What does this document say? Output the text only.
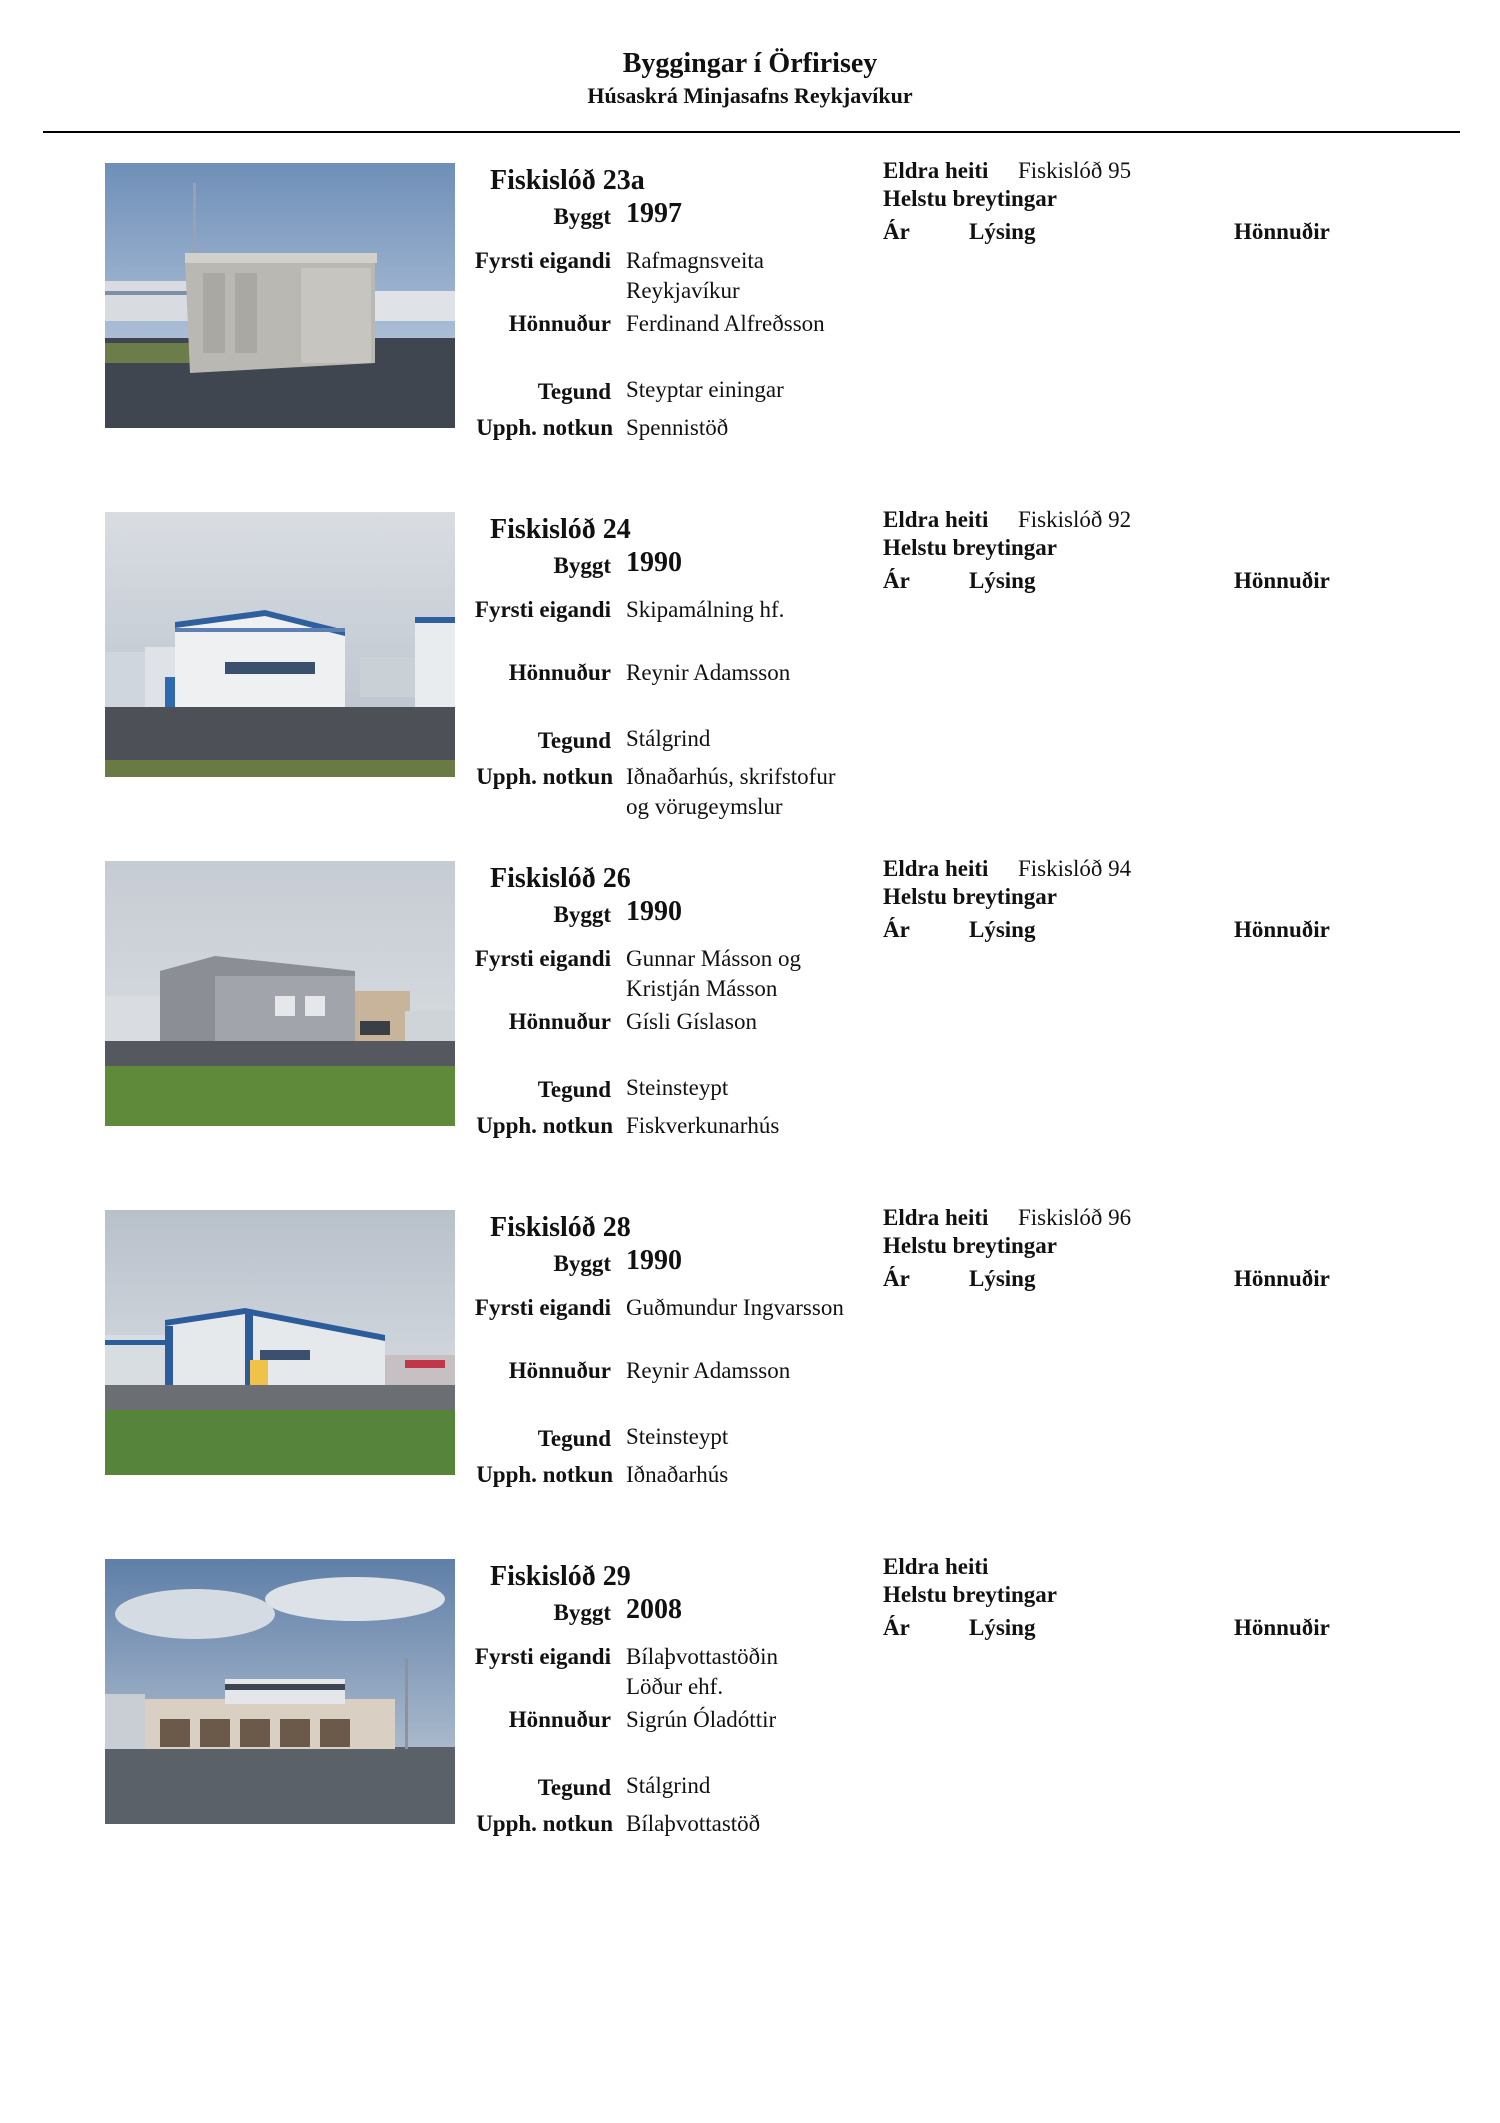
Byggingar í Örfirisey
Húsaskrá Minjasafns Reykjavíkur
Fiskislóð 23a
Byggt 1997
Fyrsti eigandi Rafmagnsveita
Reykjavíkur
Hönnuður Ferdinand Alfreðsson
Tegund Steyptar einingar
Upph. notkun Spennistöð
Eldra heiti Fiskislóð 95
Helstu breytingar
Ár	Lýsing	Hönnuðir
Fiskislóð 24
Byggt 1990
Fyrsti eigandi Skipamálning hf.
Hönnuður Reynir Adamsson
Tegund Stálgrind
Upph. notkun Iðnaðarhús, skrifstofur
og vörugeymslur
Eldra heiti Fiskislóð 92
Helstu breytingar
Ár	Lýsing	Hönnuðir
Fiskislóð 26
Byggt 1990
Fyrsti eigandi Gunnar Másson og
Kristján Másson
Hönnuður Gísli Gíslason
Tegund Steinsteypt
Upph. notkun Fiskverkunarhús
Eldra heiti Fiskislóð 94
Helstu breytingar
Ár	Lýsing	Hönnuðir
Fiskislóð 28
Byggt 1990
Fyrsti eigandi Guðmundur Ingvarsson
Hönnuður Reynir Adamsson
Tegund Steinsteypt
Upph. notkun Iðnaðarhús
Eldra heiti Fiskislóð 96
Helstu breytingar
Ár	Lýsing	Hönnuðir
Fiskislóð 29
Byggt 2008
Fyrsti eigandi Bílaþvottastöðin
Löður ehf.
Hönnuður Sigrún Óladóttir
Tegund Stálgrind
Upph. notkun Bílaþvottastöð
Eldra heiti
Helstu breytingar
Ár	Lýsing	Hönnuðir
